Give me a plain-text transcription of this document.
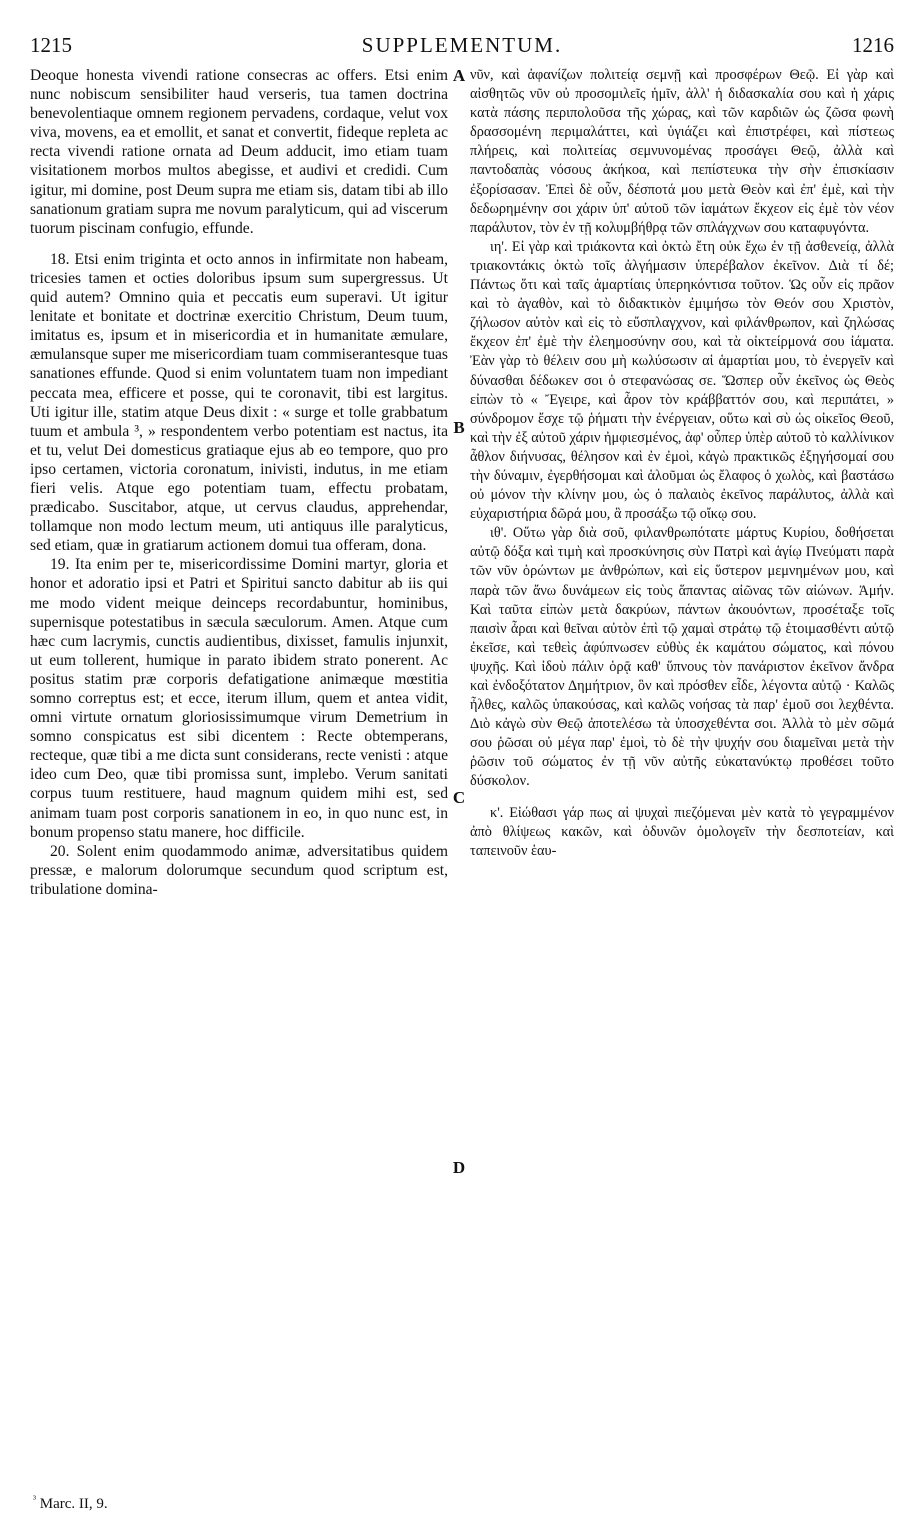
1215	SUPPLEMENTUM.	1216

Deoque honesta vivendi ratione consecras ac offers. Etsi enim nunc nobiscum sensibiliter haud verseris, tua tamen doctrina benevolentiaque omnem regionem pervadens, cordaque, velut vox viva, movens, ea et emollit, et sanat et convertit, fideque repleta ac recta vivendi ratione ornata ad Deum adducit, imo etiam tuam visitationem morbos multos abegisse, et audivi et credidi. Cum igitur, mi domine, post Deum supra me etiam sis, datam tibi ab illo sanationum gratiam supra me novum paralyticum, qui ad viscerum tuorum piscinam confugio, effunde.

18. Etsi enim triginta et octo annos in infirmitate non habeam, tricesies tamen et octies doloribus ipsum sum supergressus. Ut quid autem? Omnino quia et peccatis eum superavi. Ut igitur lenitate et bonitate et doctrinæ exercitio Christum, Deum tuum, imitatus es, ipsum et in misericordia et in humanitate æmulare, æmulansque super me misericordiam tuam commiserantesque tuas sanationes effunde. Quod si enim voluntatem tuam non impediant peccata mea, efficere et posse, qui te coronavit, tibi est largitus. Uti igitur ille, statim atque Deus dixit : « surge et tolle grabbatum tuum et ambula ³, » respondentem verbo potentiam est nactus, ita et tu, velut Dei domesticus gratiaque ejus ab eo tempore, quo pro ipso certamen, victoria coronatum, inivisti, indutus, in me etiam fieri velis. Atque ego potentiam tuam, effectu probatam, prædicabo. Suscitabor, atque, ut cervus claudus, apprehendar, tollamque non modo lectum meum, uti antiquus ille paralyticus, sed etiam, quæ in gratiarum actionem domui tua offeram, dona.

19. Ita enim per te, misericordissime Domini martyr, gloria et honor et adoratio ipsi et Patri et Spiritui sancto dabitur ab iis qui me modo vident meique deinceps recordabuntur, hominibus, supernisque potestatibus in sæcula sæculorum. Amen. Atque cum hæc cum lacrymis, cunctis audientibus, dixisset, famulis injunxit, ut eum tollerent, humique in parato ibidem strato ponerent. Ac positus statim præ corporis defatigatione animæque mœstitia somno correptus est; et ecce, iterum illum, quem et antea vidit, omni virtute ornatum gloriosissimumque virum Demetrium in somno conspicatus est sibi dicentem : Recte obtemperans, recteque, quæ tibi a me dicta sunt considerans, recte venisti : atque ideo cum Deo, quæ tibi promissa sunt, implebo. Verum sanitati corpus tuum restituere, haud magnum quidem mihi est, sed animam tuam post corporis sanationem in eo, in quo nunc est, in bonum propenso statu manere, hoc difficile.

20. Solent enim quodammodo animæ, adversitatibus quidem pressæ, e malorum dolorumque secundum quod scriptum est, tribulatione domina-

νῦν, καὶ ἀφανίζων πολιτείᾳ σεμνῇ καὶ προσφέρων Θεῷ. Εἰ γὰρ καὶ αἰσθητῶς νῦν οὐ προσομιλεῖς ἡμῖν, ἀλλ' ἡ διδασκαλία σου καὶ ἡ χάρις κατὰ πάσης περιπολοῦσα τῆς χώρας, καὶ τῶν καρδιῶν ὡς ζῶσα φωνὴ δρασσομένη περιμαλάττει, καὶ ὑγιάζει καὶ ἐπιστρέφει, καὶ πίστεως πλήρεις, καὶ πολιτείας σεμνυνομένας προσάγει Θεῷ, ἀλλὰ καὶ παντοδαπὰς νόσους ἀκήκοα, καὶ πεπίστευκα τὴν σὴν ἐπισκίασιν ἐξορίσασαν. Ἐπεὶ δὲ οὖν, δέσποτά μου μετὰ Θεὸν καὶ ἐπ' ἐμὲ, καὶ τὴν δεδωρημένην σοι χάριν ὑπ' αὐτοῦ τῶν ἰαμάτων ἔκχεον εἰς ἐμὲ τὸν νέον παράλυτον, τὸν ἐν τῇ κολυμβήθρᾳ τῶν σπλάγχνων σου καταφυγόντα.

ιη'. Εἰ γὰρ καὶ τριάκοντα καὶ ὀκτὼ ἔτη οὐκ ἔχω ἐν τῇ ἀσθενείᾳ, ἀλλὰ τριακοντάκις ὀκτὼ τοῖς ἀλγήμασιν ὑπερέβαλον ἐκεῖνον. Διὰ τί δέ; Πάντως ὅτι καὶ ταῖς ἁμαρτίαις ὑπερηκόντισα τοῦτον. Ὡς οὖν εἰς πρᾶον καὶ τὸ ἀγαθὸν, καὶ τὸ διδακτικὸν ἐμιμήσω τὸν Θεόν σου Χριστὸν, ζήλωσον αὐτὸν καὶ εἰς τὸ εὔσπλαγχνον, καὶ φιλάνθρωπον, καὶ ζηλώσας ἔκχεον ἐπ' ἐμὲ τὴν ἐλεημοσύνην σου, καὶ τὰ οἰκτείρμονά σου ἰάματα. Ἐὰν γὰρ τὸ θέλειν σου μὴ κωλύσωσιν αἱ ἁμαρτίαι μου, τὸ ἐνεργεῖν καὶ δύνασθαι δέδωκεν σοι ὁ στεφανώσας σε. Ὥσπερ οὖν ἐκεῖνος ὡς Θεὸς εἰπὼν τὸ « Ἔγειρε, καὶ ἆρον τὸν κράββαττόν σου, καὶ περιπάτει, » σύνδρομον ἔσχε τῷ ῥήματι τὴν ἐνέργειαν, οὕτω καὶ σὺ ὡς οἰκεῖος Θεοῦ, καὶ τὴν ἐξ αὐτοῦ χάριν ἠμφιεσμένος, ἀφ' οὗπερ ὑπὲρ αὐτοῦ τὸ καλλίνικον ἆθλον διήνυσας, θέλησον καὶ ἐν ἐμοὶ, κἀγὼ πρακτικῶς ἐξηγήσομαί σου τὴν δύναμιν, ἐγερθήσομαι καὶ ἁλοῦμαι ὡς ἔλαφος ὁ χωλὸς, καὶ βαστάσω οὐ μόνον τὴν κλίνην μου, ὡς ὁ παλαιὸς ἐκεῖνος παράλυτος, ἀλλὰ καὶ εὐχαριστήρια δῶρά μου, ἃ προσάξω τῷ οἴκῳ σου.

ιθ'. Οὕτω γὰρ διὰ σοῦ, φιλανθρωπότατε μάρτυς Κυρίου, δοθήσεται αὐτῷ δόξα καὶ τιμὴ καὶ προσκύνησις σὺν Πατρὶ καὶ ἁγίῳ Πνεύματι παρὰ τῶν νῦν ὁρώντων με ἀνθρώπων, καὶ εἰς ὕστερον μεμνημένων μου, καὶ παρὰ τῶν ἄνω δυνάμεων εἰς τοὺς ἅπαντας αἰῶνας τῶν αἰώνων. Ἀμήν. Καὶ ταῦτα εἰπὼν μετὰ δακρύων, πάντων ἀκουόντων, προσέταξε τοῖς παισὶν ἆραι καὶ θεῖναι αὐτὸν ἐπὶ τῷ χαμαὶ στράτῳ τῷ ἑτοιμασθέντι αὐτῷ ἐκεῖσε, καὶ τεθεὶς ἀφύπνωσεν εὐθὺς ἐκ καμάτου σώματος, καὶ πόνου ψυχῆς. Καὶ ἰδοὺ πάλιν ὁρᾷ καθ' ὕπνους τὸν πανάριστον ἐκεῖνον ἄνδρα καὶ ἐνδοξότατον Δημήτριον, ὃν καὶ πρόσθεν εἶδε, λέγοντα αὐτῷ · Καλῶς ἦλθες, καλῶς ὑπακούσας, καὶ καλῶς νοήσας τὰ παρ' ἐμοῦ σοι λεχθέντα. Διὸ κἀγὼ σὺν Θεῷ ἀποτελέσω τὰ ὑποσχεθέντα σοι. Ἀλλὰ τὸ μὲν σῶμά σου ῥῶσαι οὐ μέγα παρ' ἐμοὶ, τὸ δὲ τὴν ψυχήν σου διαμεῖναι μετὰ τὴν ῥῶσιν τοῦ σώματος ἐν τῇ νῦν αὐτῆς εὐκατανύκτῳ προθέσει τοῦτο δύσκολον.

κ'. Εἰώθασι γάρ πως αἱ ψυχαὶ πιεζόμεναι μὲν κατὰ τὸ γεγραμμένον ἀπὸ θλίψεως κακῶν, καὶ ὀδυνῶν ὁμολογεῖν τὴν δεσποτείαν, καὶ ταπεινοῦν ἑαυ-

A
B
C
D
$^{^3}$ Marc. II, 9.
